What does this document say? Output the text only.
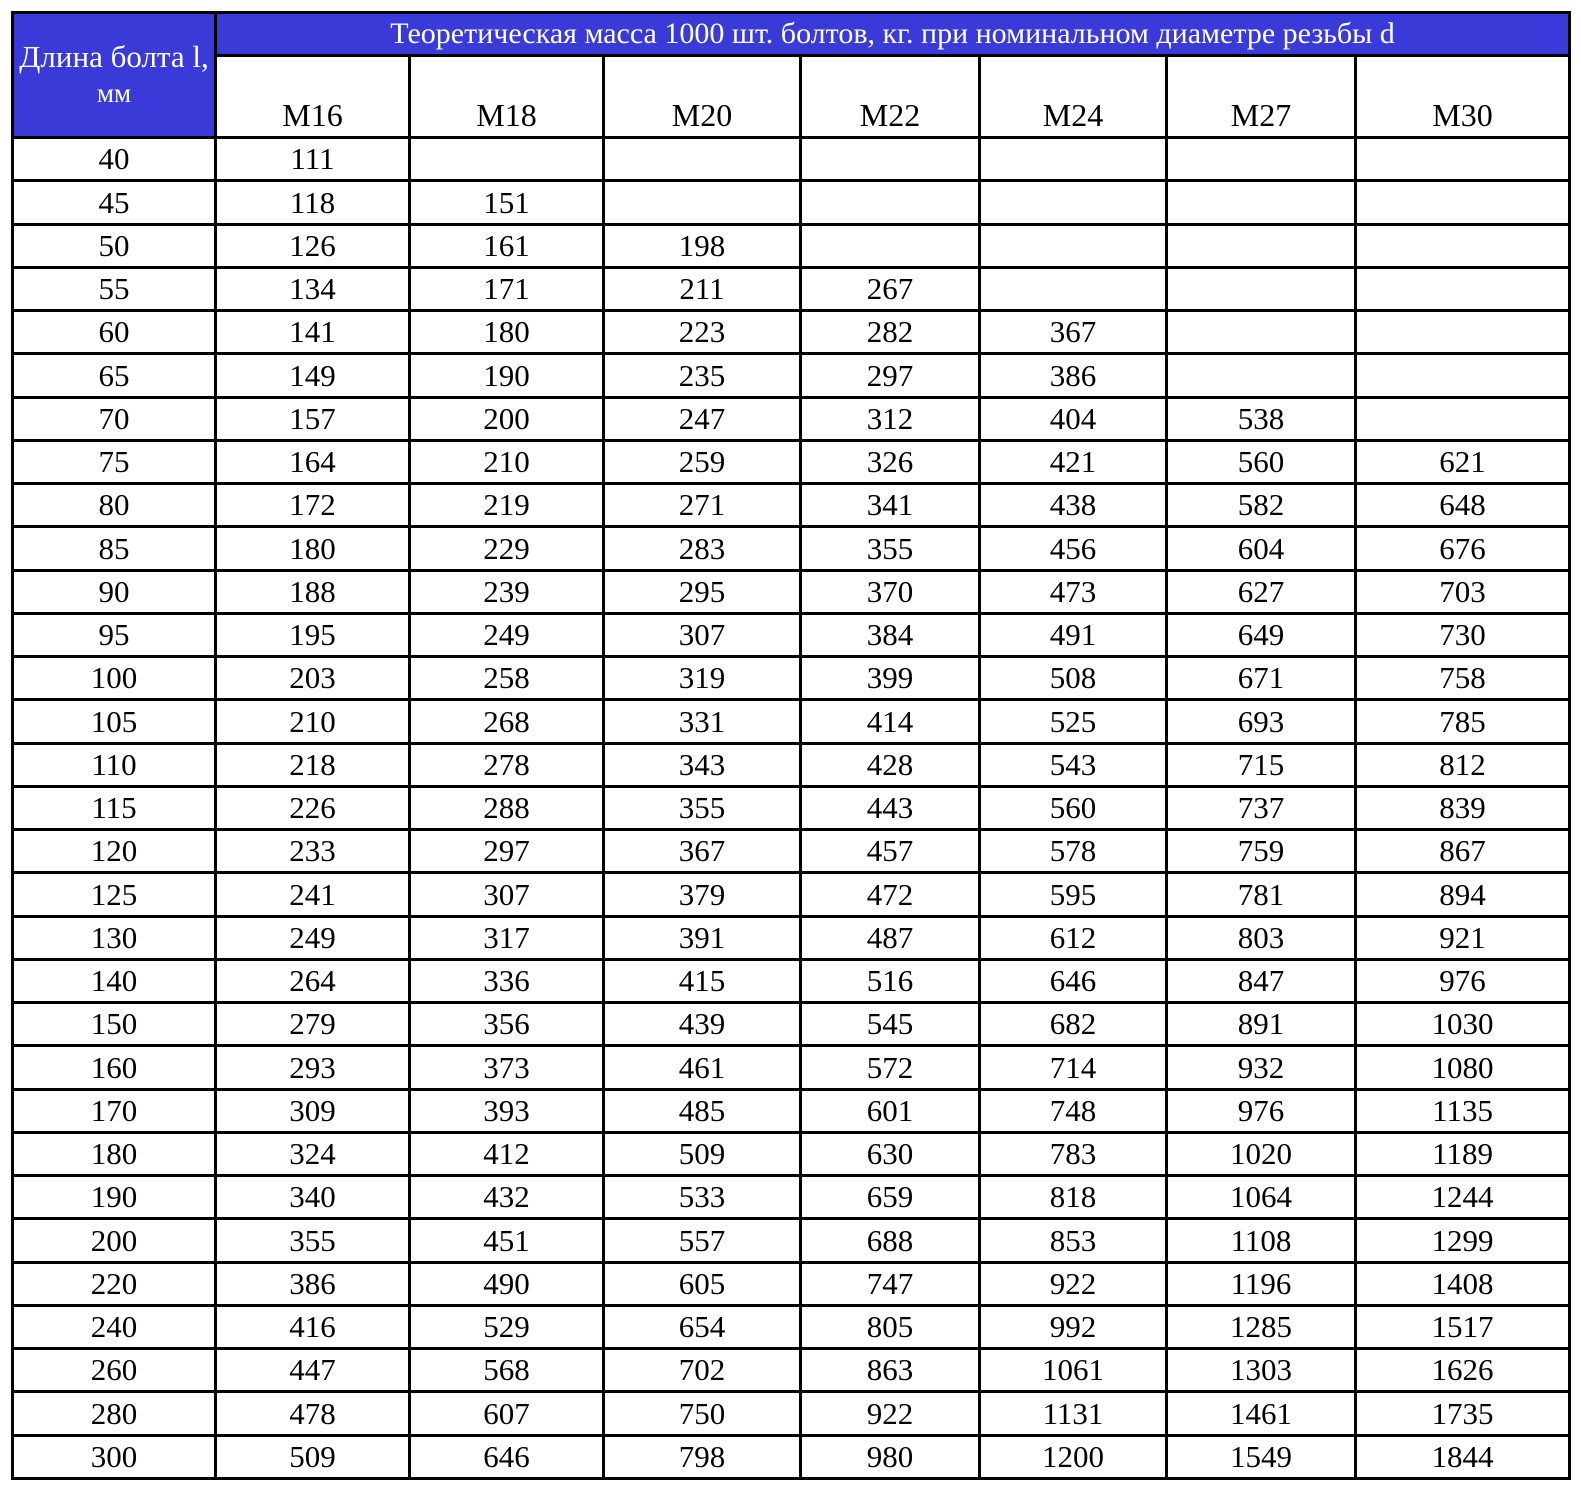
Длина болта l,
мм	Теоретическая масса 1000 шт. болтов, кг. при номинальном диаметре резьбы d						
	M16	M18	M20	M22	M24	M27	M30
40	111						
45	118	151					
50	126	161	198				
55	134	171	211	267			
60	141	180	223	282	367		
65	149	190	235	297	386		
70	157	200	247	312	404	538	
75	164	210	259	326	421	560	621
80	172	219	271	341	438	582	648
85	180	229	283	355	456	604	676
90	188	239	295	370	473	627	703
95	195	249	307	384	491	649	730
100	203	258	319	399	508	671	758
105	210	268	331	414	525	693	785
110	218	278	343	428	543	715	812
115	226	288	355	443	560	737	839
120	233	297	367	457	578	759	867
125	241	307	379	472	595	781	894
130	249	317	391	487	612	803	921
140	264	336	415	516	646	847	976
150	279	356	439	545	682	891	1030
160	293	373	461	572	714	932	1080
170	309	393	485	601	748	976	1135
180	324	412	509	630	783	1020	1189
190	340	432	533	659	818	1064	1244
200	355	451	557	688	853	1108	1299
220	386	490	605	747	922	1196	1408
240	416	529	654	805	992	1285	1517
260	447	568	702	863	1061	1303	1626
280	478	607	750	922	1131	1461	1735
300	509	646	798	980	1200	1549	1844
